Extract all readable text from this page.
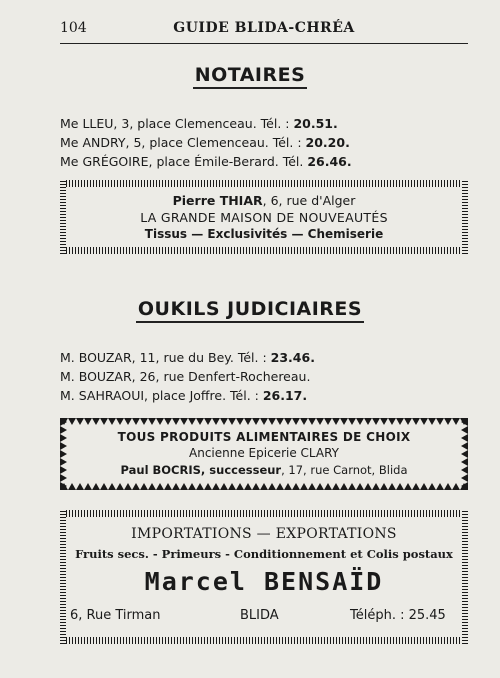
104	GUIDE BLIDA-CHRÉA
NOTAIRES
Me LLEU, 3, place Clemenceau. Tél. : 20.51.
Me ANDRY, 5, place Clemenceau. Tél. : 20.20.
Me GRÉGOIRE, place Émile-Berard. Tél. 26.46.
Pierre THIAR, 6, rue d'Alger
LA GRANDE MAISON DE NOUVEAUTÉS
Tissus — Exclusivités — Chemiserie
OUKILS JUDICIAIRES
M. BOUZAR, 11, rue du Bey. Tél. : 23.46.
M. BOUZAR, 26, rue Denfert-Rochereau.
M. SAHRAOUI, place Joffre. Tél. : 26.17.
TOUS PRODUITS ALIMENTAIRES DE CHOIX
Ancienne Epicerie CLARY
Paul BOCRIS, successeur, 17, rue Carnot, Blida
IMPORTATIONS — EXPORTATIONS
Fruits secs. - Primeurs - Conditionnement et Colis postaux
Marcel BENSAÏD
6, Rue Tirman	BLIDA	Téléph. : 25.45
